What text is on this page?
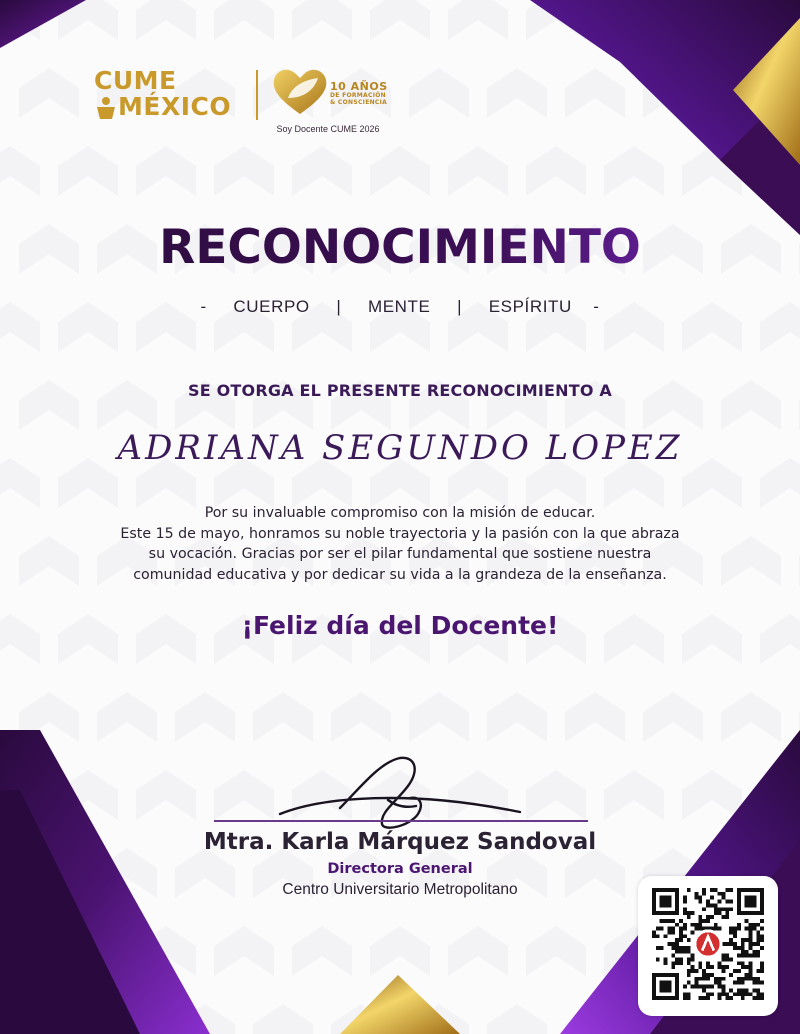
CUME
MÉXICO
10 AÑOS
DE FORMACIÓN
& CONSCIENCIA
Soy Docente CUME 2026
RECONOCIMIENTO
-     CUERPO     |     MENTE     |     ESPÍRITU    -
SE OTORGA EL PRESENTE RECONOCIMIENTO A
ADRIANA SEGUNDO LOPEZ
Por su invaluable compromiso con la misión de educar.
Este 15 de mayo, honramos su noble trayectoria y la pasión con la que abraza
su vocación. Gracias por ser el pilar fundamental que sostiene nuestra
comunidad educativa y por dedicar su vida a la grandeza de la enseñanza.
¡Feliz día del Docente!
Mtra. Karla Márquez Sandoval
Directora General
Centro Universitario Metropolitano
